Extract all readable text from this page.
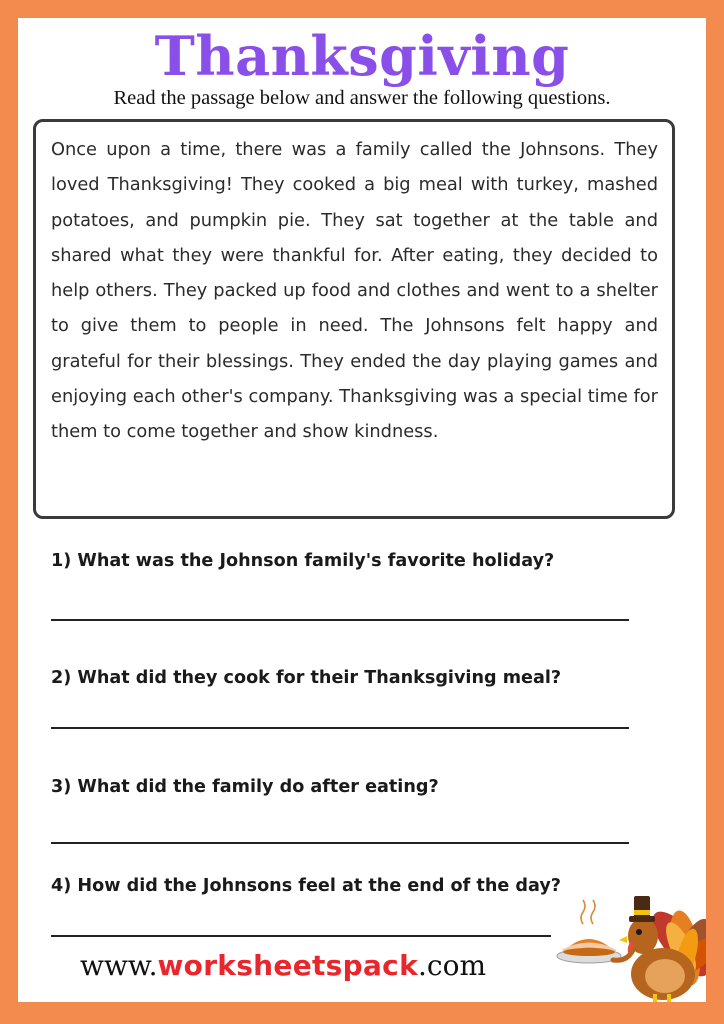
Thanksgiving
Read the passage below and answer the following questions.

Once upon a time, there was a family called the Johnsons. They loved Thanksgiving! They cooked a big meal with turkey, mashed potatoes, and pumpkin pie. They sat together at the table and shared what they were thankful for. After eating, they decided to help others. They packed up food and clothes and went to a shelter to give them to people in need. The Johnsons felt happy and grateful for their blessings. They ended the day playing games and enjoying each other's company. Thanksgiving was a special time for them to come together and show kindness.

1) What was the Johnson family's favorite holiday?
2) What did they cook for their Thanksgiving meal?
3) What did the family do after eating?
4) How did the Johnsons feel at the end of the day?
www.worksheetspack.com
